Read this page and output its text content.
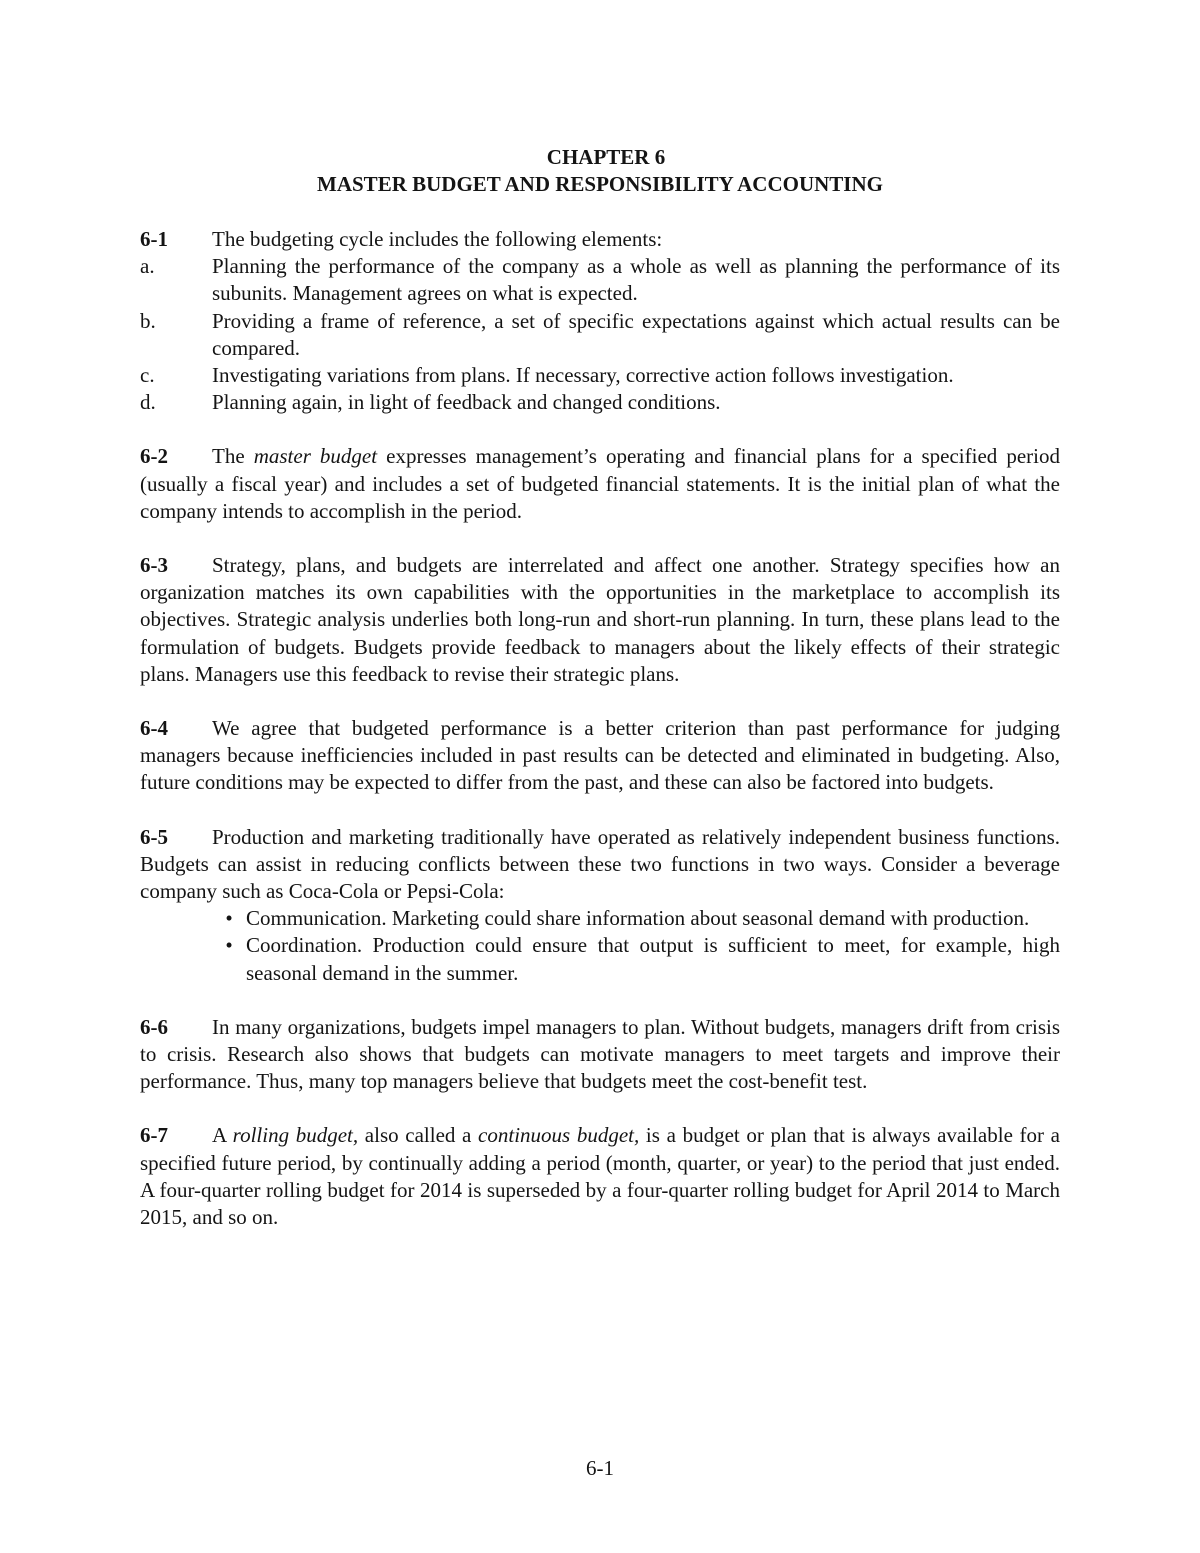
CHAPTER 6
MASTER BUDGET AND RESPONSIBILITY ACCOUNTING
6-1 The budgeting cycle includes the following elements:
a.	Planning the performance of the company as a whole as well as planning the performance of its subunits. Management agrees on what is expected.
b.	Providing a frame of reference, a set of specific expectations against which actual results can be compared.
c.	Investigating variations from plans. If necessary, corrective action follows investigation.
d.	Planning again, in light of feedback and changed conditions.
6-2 The master budget expresses management’s operating and financial plans for a specified period (usually a fiscal year) and includes a set of budgeted financial statements. It is the initial plan of what the company intends to accomplish in the period.
6-3 Strategy, plans, and budgets are interrelated and affect one another. Strategy specifies how an organization matches its own capabilities with the opportunities in the marketplace to accomplish its objectives. Strategic analysis underlies both long-run and short-run planning. In turn, these plans lead to the formulation of budgets. Budgets provide feedback to managers about the likely effects of their strategic plans. Managers use this feedback to revise their strategic plans.
6-4 We agree that budgeted performance is a better criterion than past performance for judging managers because inefficiencies included in past results can be detected and eliminated in budgeting. Also, future conditions may be expected to differ from the past, and these can also be factored into budgets.
6-5 Production and marketing traditionally have operated as relatively independent business functions. Budgets can assist in reducing conflicts between these two functions in two ways. Consider a beverage company such as Coca-Cola or Pepsi-Cola:
• Communication. Marketing could share information about seasonal demand with production.
• Coordination. Production could ensure that output is sufficient to meet, for example, high seasonal demand in the summer.
6-6 In many organizations, budgets impel managers to plan. Without budgets, managers drift from crisis to crisis. Research also shows that budgets can motivate managers to meet targets and improve their performance. Thus, many top managers believe that budgets meet the cost-benefit test.
6-7 A rolling budget, also called a continuous budget, is a budget or plan that is always available for a specified future period, by continually adding a period (month, quarter, or year) to the period that just ended. A four-quarter rolling budget for 2014 is superseded by a four-quarter rolling budget for April 2014 to March 2015, and so on.
6-1
